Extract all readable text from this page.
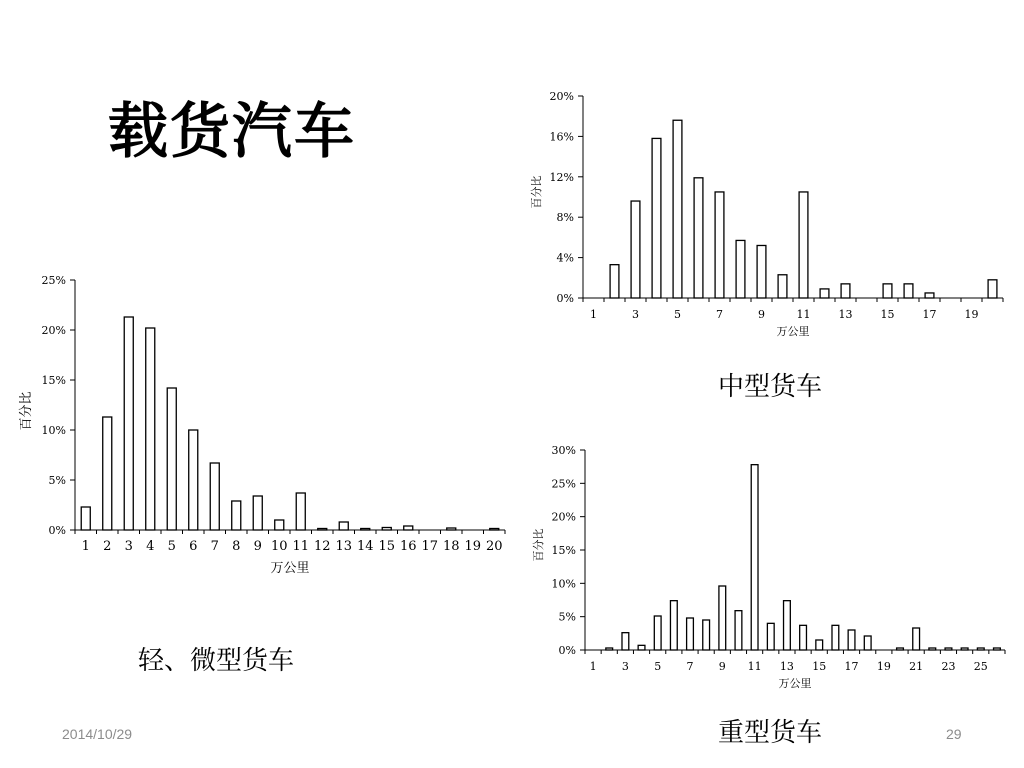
载货汽车
0%
5%
10%
15%
20%
25%
1 2 3 4 5 6 7 8 9 10 11 12 13 14 15 16 17 18 19 20
万公里
百分比
0%
4%
8%
12%
16%
20%
1	3	5	7	9	11	13	15	17	19
万公里
百分比
0%
5%
10%
15%
20%
25%
30%
1 3 5 7 9 11 13 15 17 19 21 23 25
万公里
百分比
轻、微型货车
中型货车
重型货车
2014/10/29	29
